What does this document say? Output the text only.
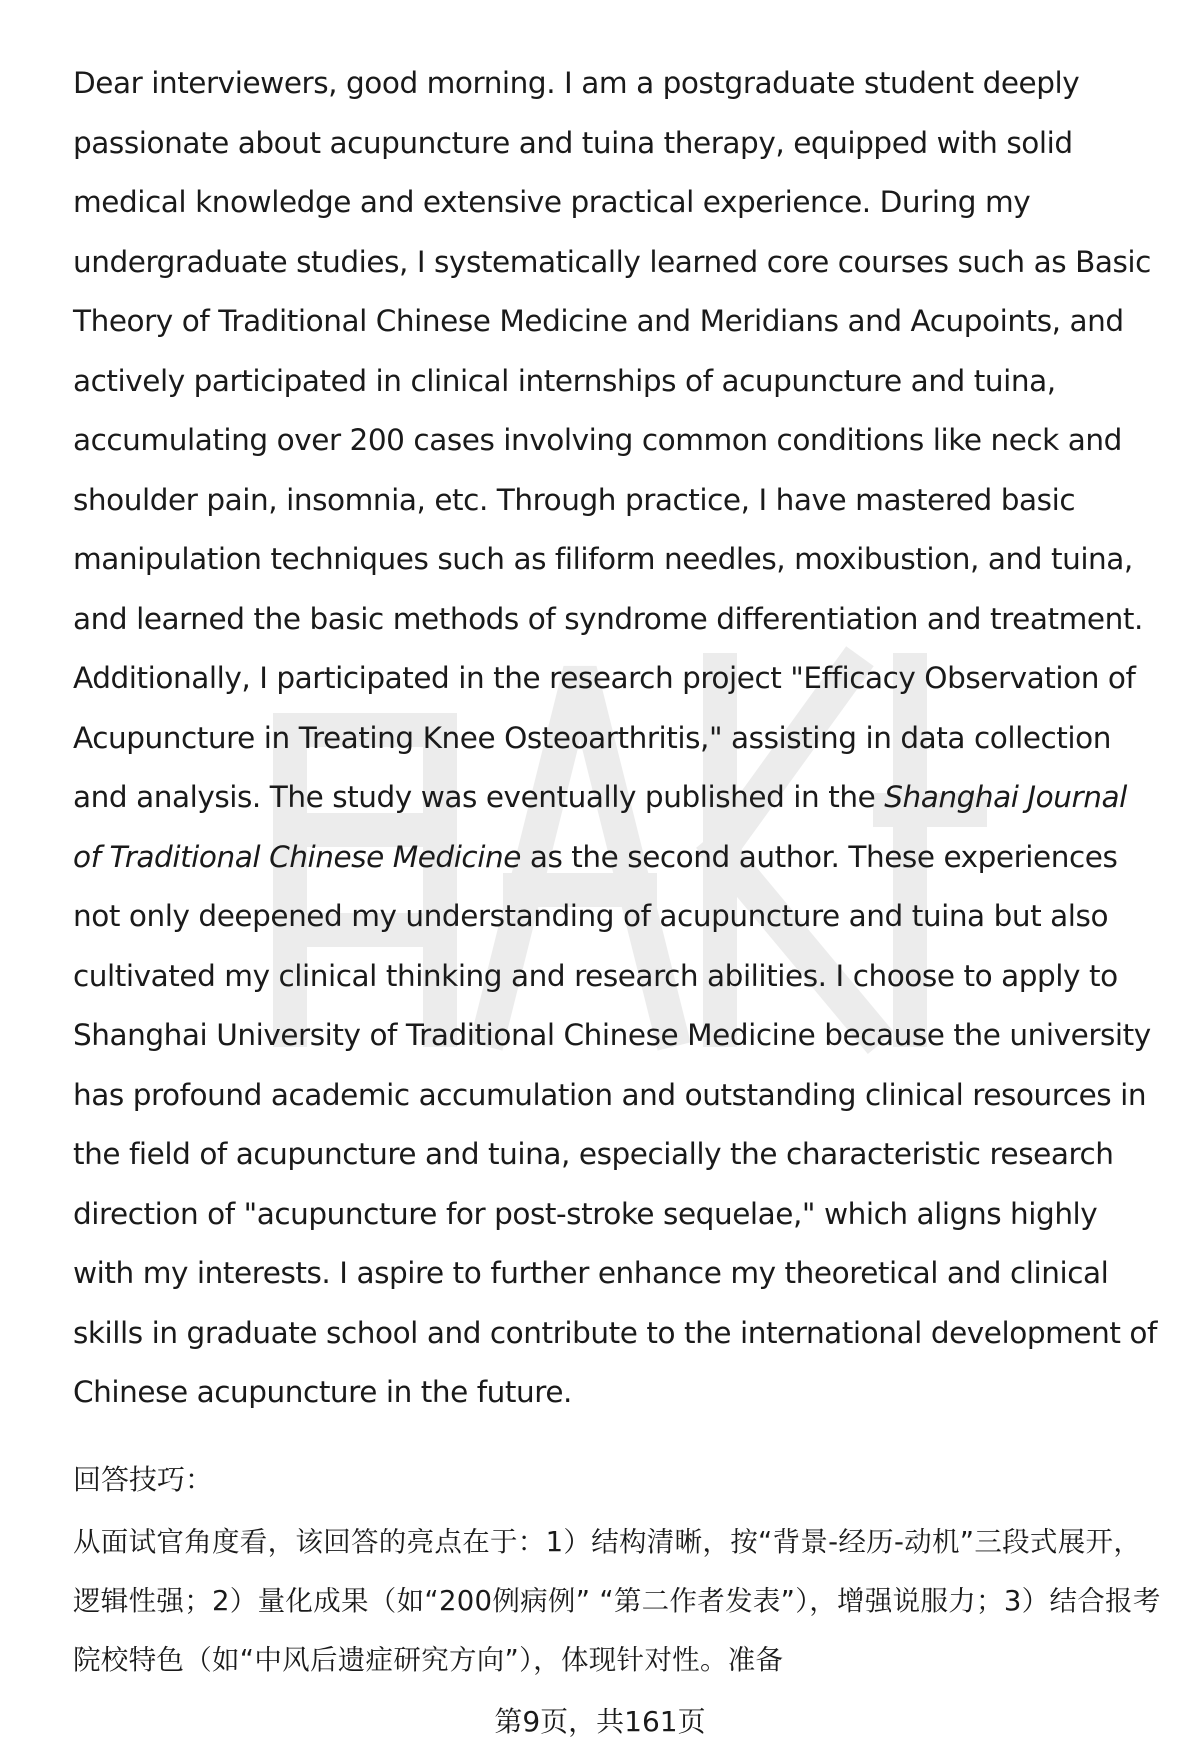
Dear interviewers, good morning. I am a postgraduate student deeply passionate about acupuncture and tuina therapy, equipped with solid medical knowledge and extensive practical experience. During my undergraduate studies, I systematically learned core courses such as Basic Theory of Traditional Chinese Medicine and Meridians and Acupoints, and actively participated in clinical internships of acupuncture and tuina, accumulating over 200 cases involving common conditions like neck and shoulder pain, insomnia, etc. Through practice, I have mastered basic manipulation techniques such as filiform needles, moxibustion, and tuina, and learned the basic methods of syndrome differentiation and treatment. Additionally, I participated in the research project "Efficacy Observation of Acupuncture in Treating Knee Osteoarthritis," assisting in data collection and analysis. The study was eventually published in the Shanghai Journal of Traditional Chinese Medicine as the second author. These experiences not only deepened my understanding of acupuncture and tuina but also cultivated my clinical thinking and research abilities. I choose to apply to Shanghai University of Traditional Chinese Medicine because the university has profound academic accumulation and outstanding clinical resources in the field of acupuncture and tuina, especially the characteristic research direction of "acupuncture for post-stroke sequelae," which aligns highly with my interests. I aspire to further enhance my theoretical and clinical skills in graduate school and contribute to the international development of Chinese acupuncture in the future.

回答技巧：

从面试官角度看，该回答的亮点在于：1）结构清晰，按“背景-经历-动机”三段式展开，逻辑性强；2）量化成果（如“200例病例” “第二作者发表”），增强说服力；3）结合报考院校特色（如“中风后遗症研究方向”），体现针对性。准备

第9页，共161页
